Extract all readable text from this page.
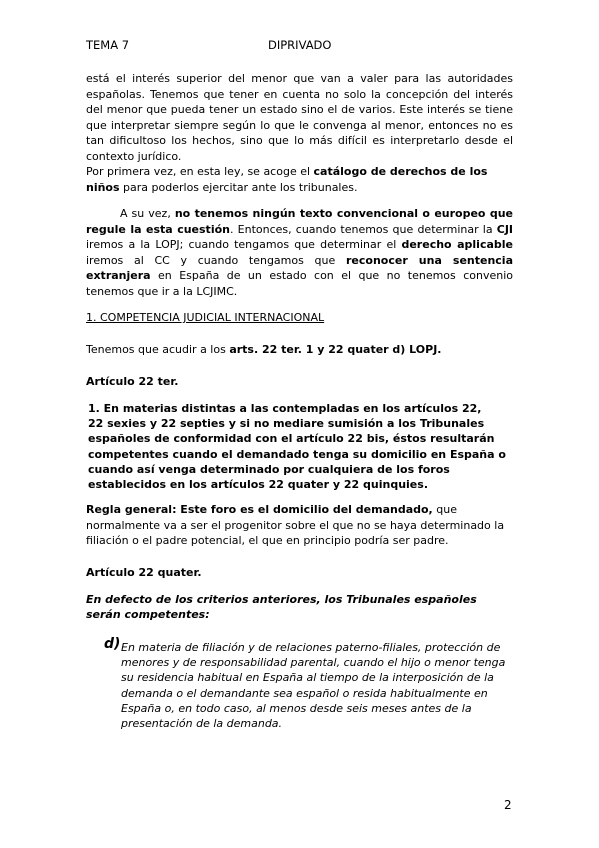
TEMA 7	DIPRIVADO
está el interés superior del menor que van a valer para las autoridades
españolas. Tenemos que tener en cuenta no solo la concepción del interés
del menor que pueda tener un estado sino el de varios. Este interés se tiene
que interpretar siempre según lo que le convenga al menor, entonces no es
tan dificultoso los hechos, sino que lo más difícil es interpretarlo desde el
contexto jurídico.
Por primera vez, en esta ley, se acoge el catálogo de derechos de los
niños para poderlos ejercitar ante los tribunales.
A su vez, no tenemos ningún texto convencional o europeo que
regule la esta cuestión. Entonces, cuando tenemos que determinar la CJI
iremos a la LOPJ; cuando tengamos que determinar el derecho aplicable
iremos al CC y cuando tengamos que reconocer una sentencia
extranjera en España de un estado con el que no tenemos convenio
tenemos que ir a la LCJIMC.
1. COMPETENCIA JUDICIAL INTERNACIONAL
Tenemos que acudir a los arts. 22 ter. 1 y 22 quater d) LOPJ.
Artículo 22 ter.
1. En materias distintas a las contempladas en los artículos 22,
22 sexies y 22 septies y si no mediare sumisión a los Tribunales
españoles de conformidad con el artículo 22 bis, éstos resultarán
competentes cuando el demandado tenga su domicilio en España o
cuando así venga determinado por cualquiera de los foros
establecidos en los artículos 22 quater y 22 quinquies.
Regla general: Este foro es el domicilio del demandado, que
normalmente va a ser el progenitor sobre el que no se haya determinado la
filiación o el padre potencial, el que en principio podría ser padre.
Artículo 22 quater.
En defecto de los criterios anteriores, los Tribunales españoles
serán competentes:
d) En materia de filiación y de relaciones paterno-filiales, protección de
menores y de responsabilidad parental, cuando el hijo o menor tenga
su residencia habitual en España al tiempo de la interposición de la
demanda o el demandante sea español o resida habitualmente en
España o, en todo caso, al menos desde seis meses antes de la
presentación de la demanda.
2
